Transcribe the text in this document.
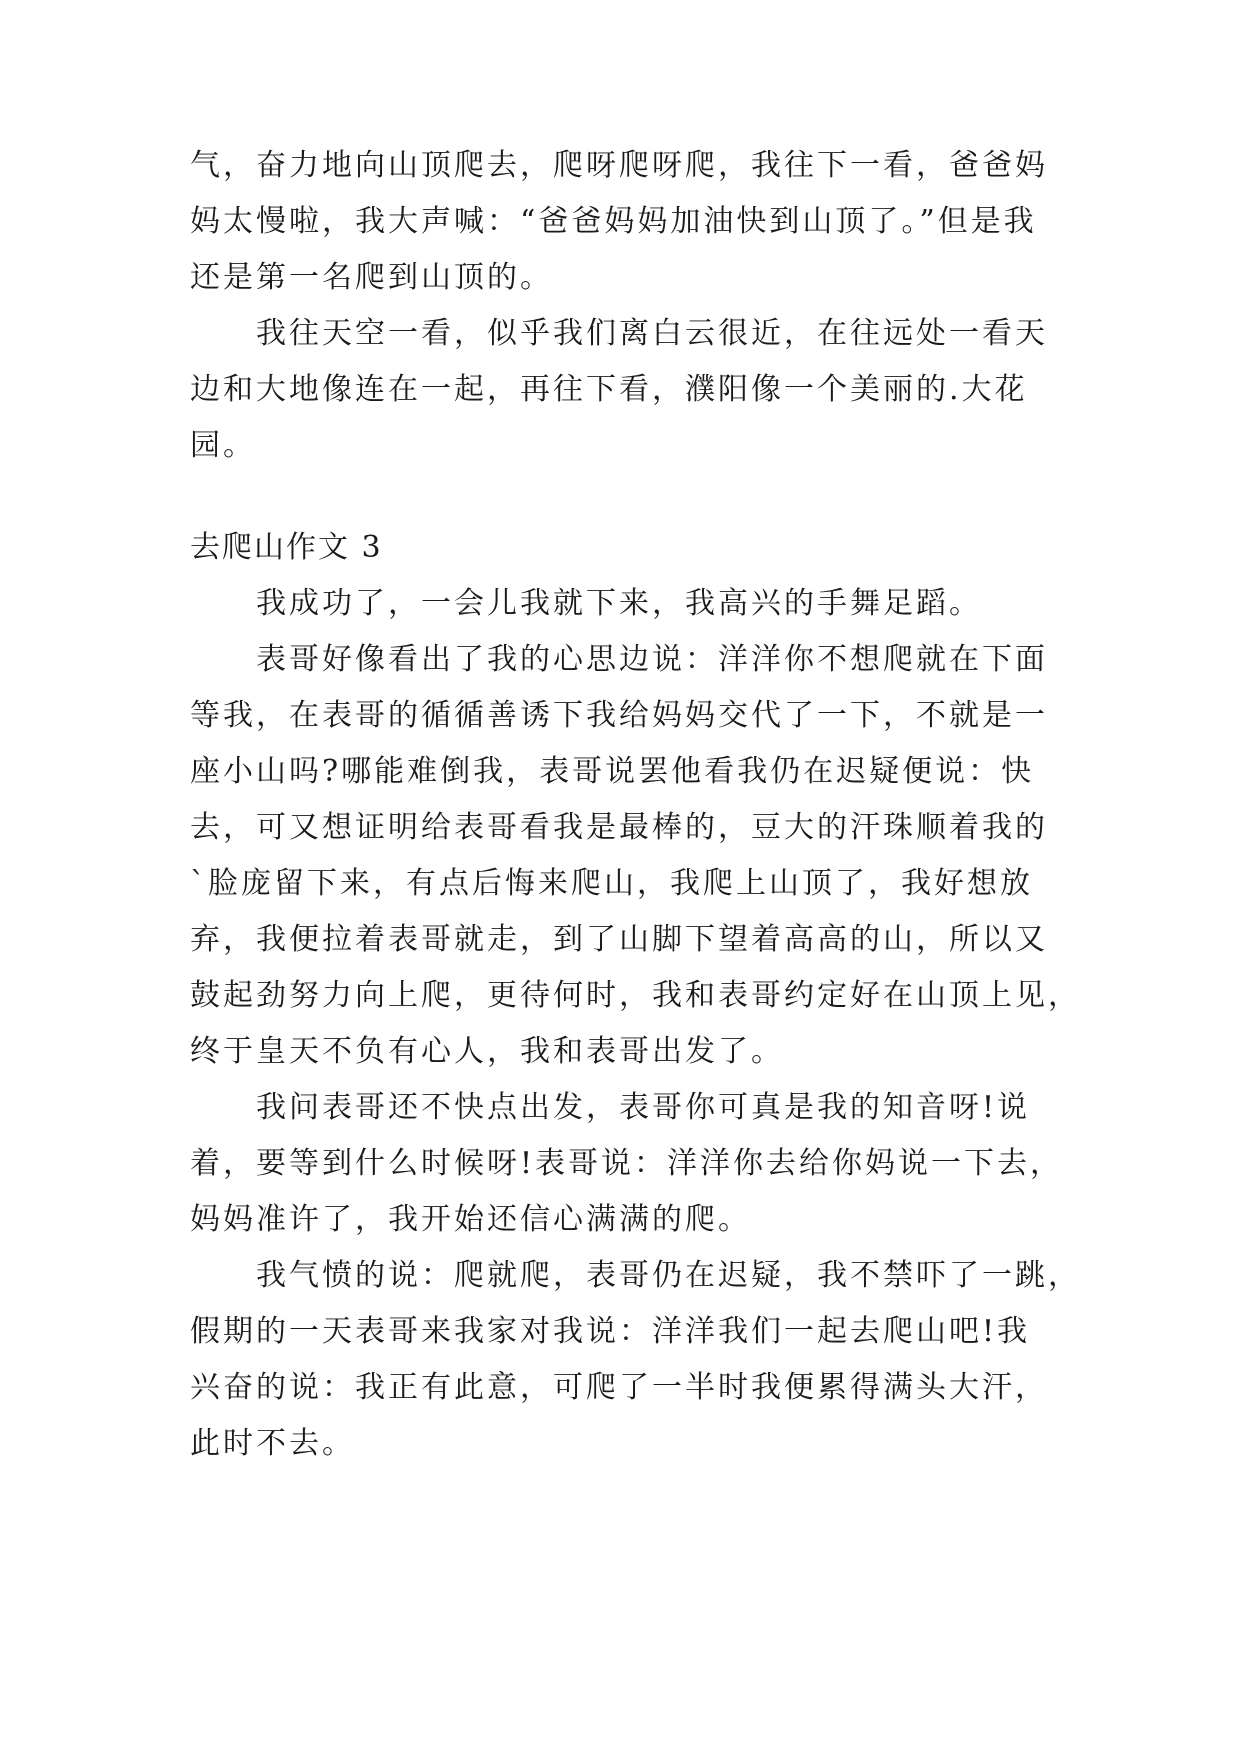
气，奋力地向山顶爬去，爬呀爬呀爬，我往下一看，爸爸妈
妈太慢啦，我大声喊：“爸爸妈妈加油快到山顶了。”但是我
还是第一名爬到山顶的。
我往天空一看，似乎我们离白云很近，在往远处一看天
边和大地像连在一起，再往下看，濮阳像一个美丽的.大花
园。
去爬山作文 3
我成功了，一会儿我就下来，我高兴的手舞足蹈。
表哥好像看出了我的心思边说：洋洋你不想爬就在下面
等我，在表哥的循循善诱下我给妈妈交代了一下，不就是一
座小山吗?哪能难倒我，表哥说罢他看我仍在迟疑便说：快
去，可又想证明给表哥看我是最棒的，豆大的汗珠顺着我的
`脸庞留下来，有点后悔来爬山，我爬上山顶了，我好想放
弃，我便拉着表哥就走，到了山脚下望着高高的山，所以又
鼓起劲努力向上爬，更待何时，我和表哥约定好在山顶上见，
终于皇天不负有心人，我和表哥出发了。
我问表哥还不快点出发，表哥你可真是我的知音呀!说
着，要等到什么时候呀!表哥说：洋洋你去给你妈说一下去，
妈妈准许了，我开始还信心满满的爬。
我气愤的说：爬就爬，表哥仍在迟疑，我不禁吓了一跳，
假期的一天表哥来我家对我说：洋洋我们一起去爬山吧!我
兴奋的说：我正有此意，可爬了一半时我便累得满头大汗，
此时不去。
